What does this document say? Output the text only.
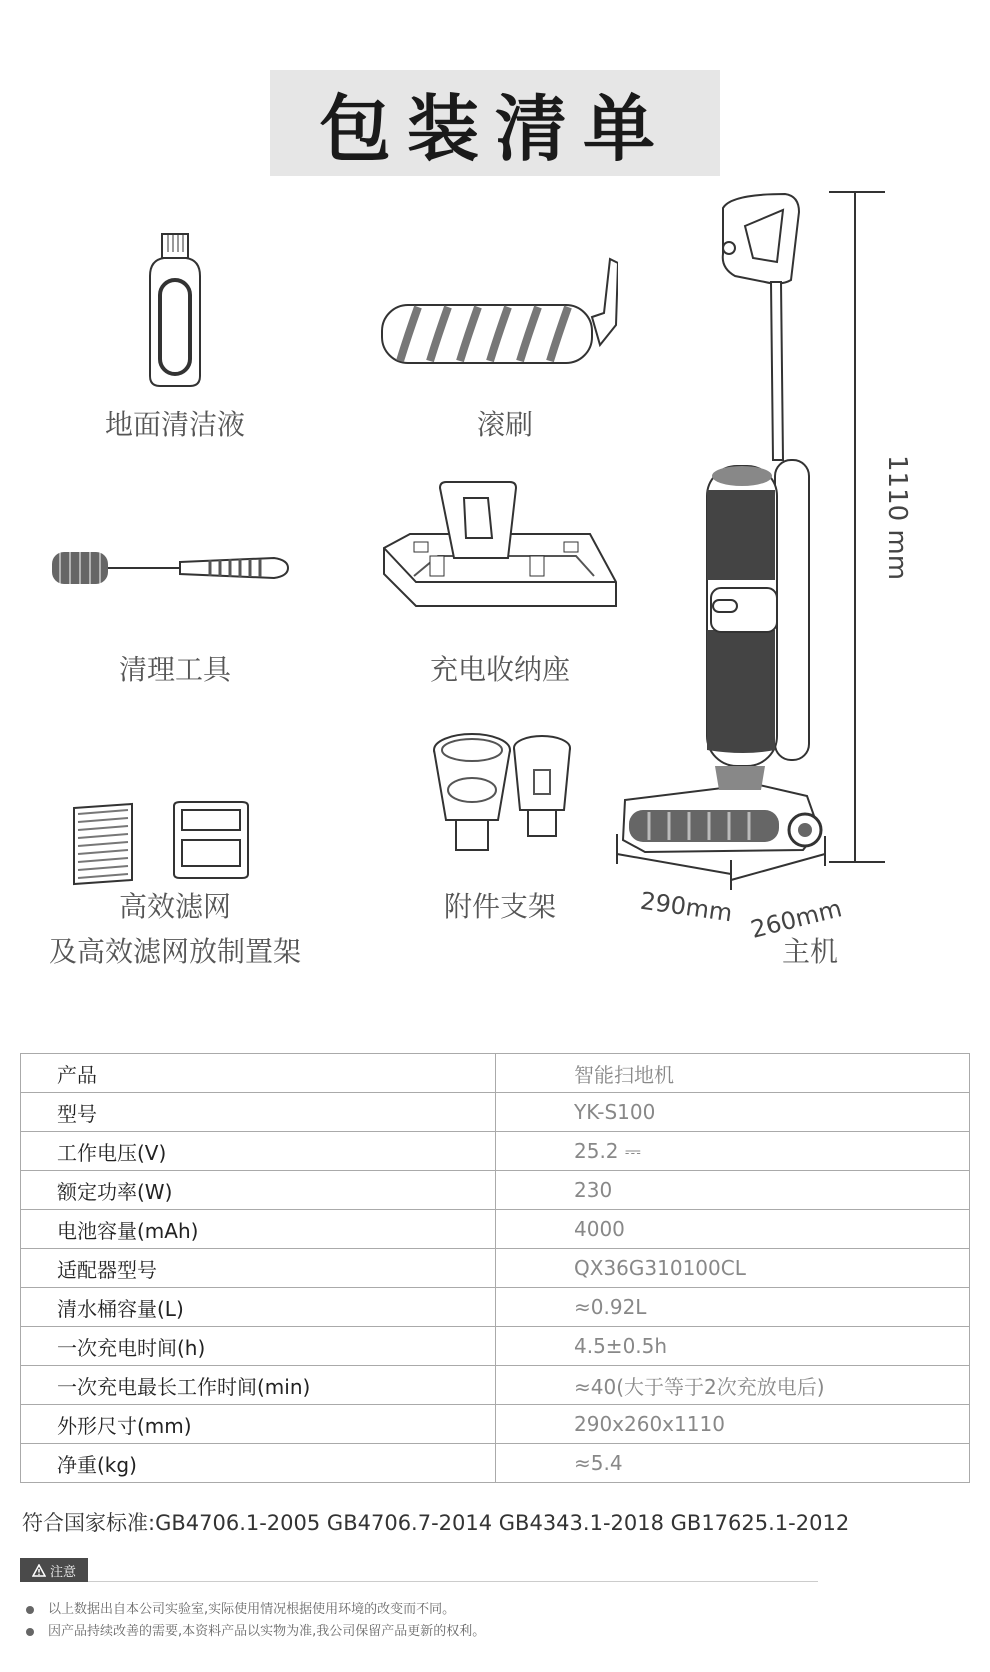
包装清单
地面清洁液	滚刷
清理工具	充电收纳座
高效滤网
及高效滤网放制置架
附件支架
1110 mm
290mm 260mm
主机
产品	智能扫地机
型号	YK-S100
工作电压(V)	25.2 ⎓
额定功率(W)	230
电池容量(mAh)	4000
适配器型号	QX36G310100CL
清水桶容量(L)	≈0.92L
一次充电时间(h)	4.5±0.5h
一次充电最长工作时间(min)	≈40(大于等于2次充放电后)
外形尺寸(mm)	290x260x1110
净重(kg)	≈5.4
符合国家标准:GB4706.1-2005 GB4706.7-2014 GB4343.1-2018 GB17625.1-2012
注意
以上数据出自本公司实验室,实际使用情况根据使用环境的改变而不同。
因产品持续改善的需要,本资料产品以实物为准,我公司保留产品更新的权利。
